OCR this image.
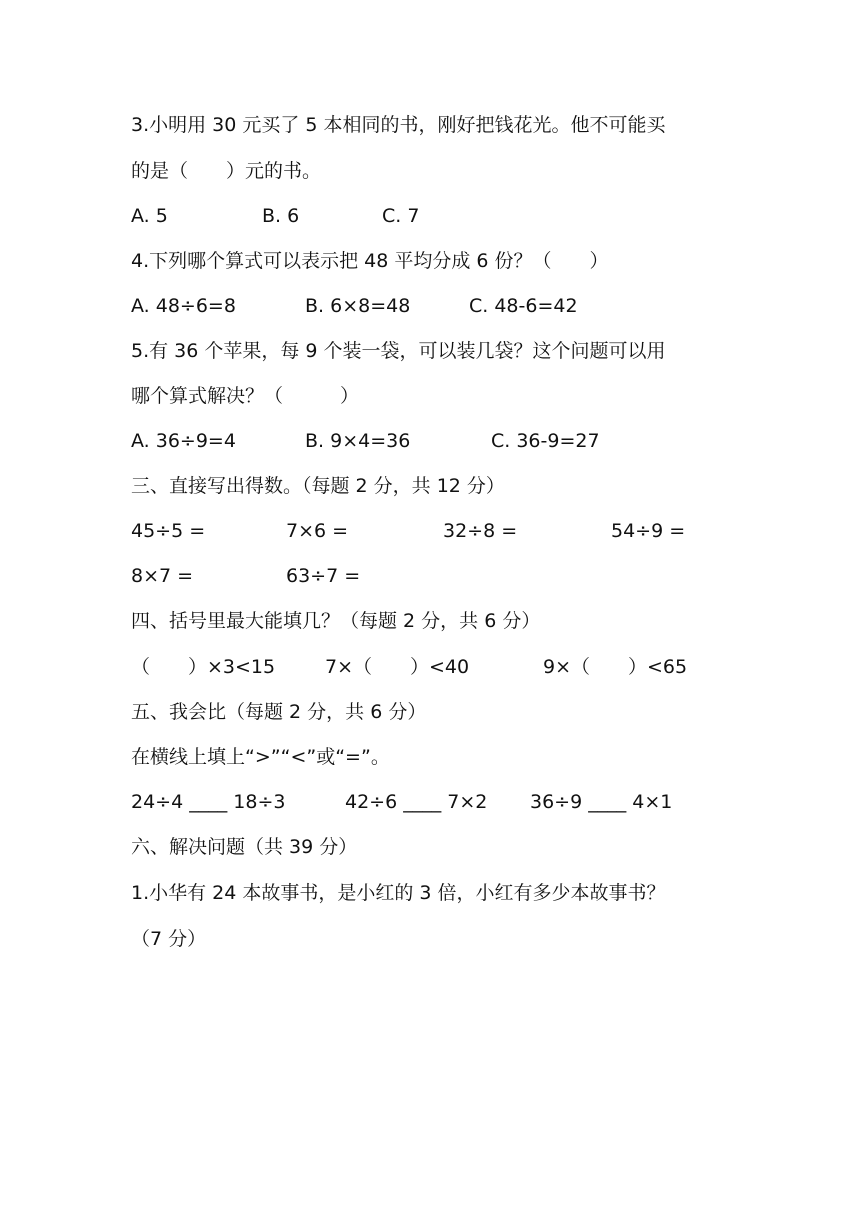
3.小明用 30 元买了 5 本相同的书，刚好把钱花光。他不可能买
的是（　　）元的书。
A. 5	B. 6	C. 7
4.下列哪个算式可以表示把 48 平均分成 6 份？（　　）
A. 48÷6=8	B. 6×8=48	C. 48-6=42
5.有 36 个苹果，每 9 个装一袋，可以装几袋？这个问题可以用
哪个算式解决？（　　　）
A. 36÷9=4	B. 9×4=36	C. 36-9=27
三、直接写出得数。（每题 2 分，共 12 分）
45÷5 =	7×6 =	32÷8 =	54÷9 =
8×7 =	63÷7 =
四、括号里最大能填几？（每题 2 分，共 6 分）
（　　）×3<15	7×（　　）<40	9×（　　）<65
五、我会比（每题 2 分，共 6 分）
在横线上填上“>”“<”或“=”。
24÷4 ____ 18÷3	42÷6 ____ 7×2 36÷9 ____ 4×1
六、解决问题（共 39 分）
1.小华有 24 本故事书，是小红的 3 倍，小红有多少本故事书？
（7 分）
